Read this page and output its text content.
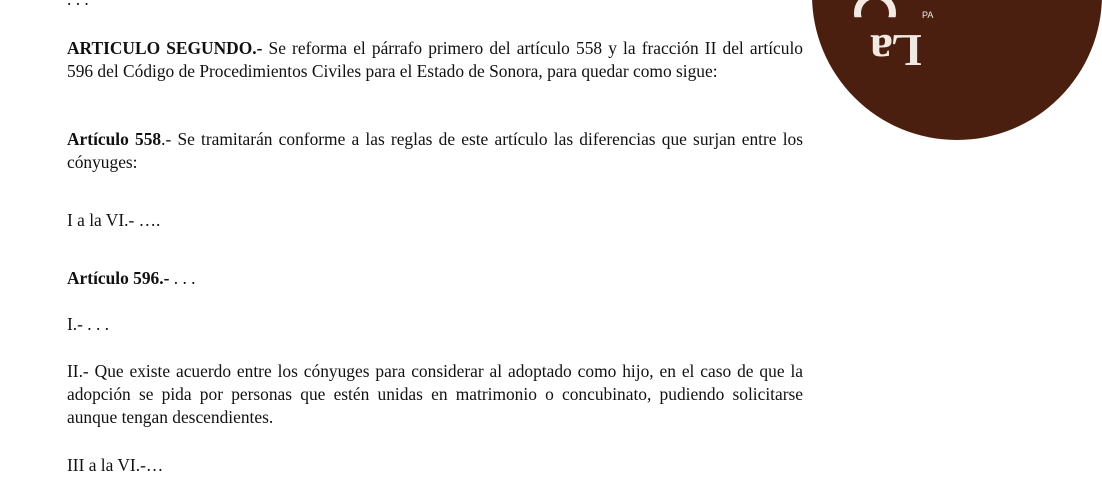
ARTICULO SEGUNDO.- Se reforma el párrafo primero del artículo 558 y la fracción II del artículo 596 del Código de Procedimientos Civiles para el Estado de Sonora, para quedar como sigue:

Artículo 558.- Se tramitarán conforme a las reglas de este artículo las diferencias que surjan entre los cónyuges:

I a la VI.- ….

Artículo 596.- . . .

I.- . . .

II.- Que existe acuerdo entre los cónyuges para considerar al adoptado como hijo, en el caso de que la adopción se pida por personas que estén unidas en matrimonio o concubinato, pudiendo solicitarse aunque tengan descendientes.

III a la VI.-…

La
PA
